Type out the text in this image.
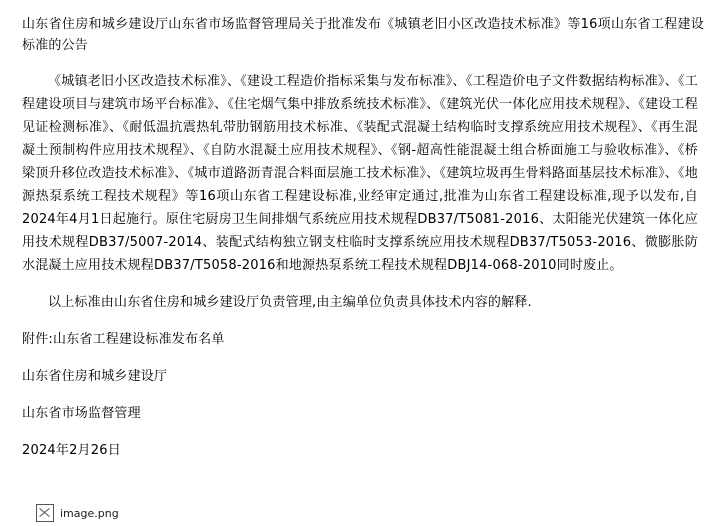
山东省住房和城乡建设厅山东省市场监督管理局关于批准发布《城镇老旧小区改造技术标准》等16项山东省工程建设标准的公告

《城镇老旧小区改造技术标准》、《建设工程造价指标采集与发布标准》、《工程造价电子文件数据结构标准》、《工程建设项目与建筑市场平台标准》、《住宅烟气集中排放系统技术标准》、《建筑光伏一体化应用技术规程》、《建设工程见证检测标准》、《耐低温抗震热轧带肋钢筋用技术标准、《装配式混凝土结构临时支撑系统应用技术规程》、《再生混凝土预制构件应用技术规程》、《自防水混凝土应用技术规程》、《钢-超高性能混凝土组合桥面施工与验收标准》、《桥梁顶升移位改造技术标准》、《城市道路沥青混合料面层施工技术标准》、《建筑垃圾再生骨料路面基层技术标准》、《地源热泵系统工程技术规程》等16项山东省工程建设标准,业经审定通过,批准为山东省工程建设标准,现予以发布,自2024年4月1日起施行。原住宅厨房卫生间排烟气系统应用技术规程DB37/T5081-2016、太阳能光伏建筑一体化应用技术规程DB37/5007-2014、装配式结构独立钢支柱临时支撑系统应用技术规程DB37/T5053-2016、微膨胀防水混凝土应用技术规程DB37/T5058-2016和地源热泵系统工程技术规程DBJ14-068-2010同时废止。

以上标准由山东省住房和城乡建设厅负责管理,由主编单位负责具体技术内容的解释.

附件:山东省工程建设标准发布名单

山东省住房和城乡建设厅

山东省市场监督管理

2024年2月26日

image.png
